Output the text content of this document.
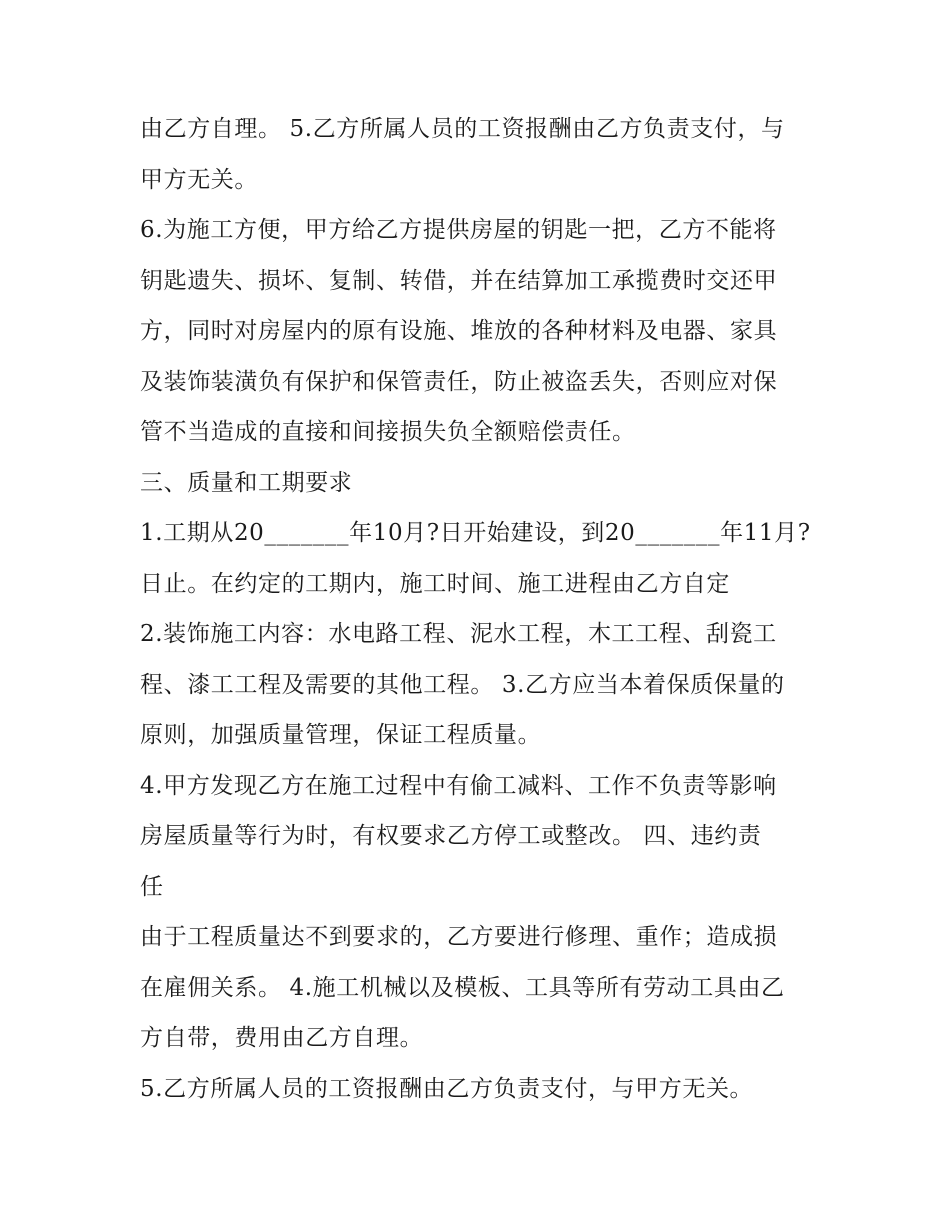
由乙方自理。 5.乙方所属人员的工资报酬由乙方负责支付，与
甲方无关。
6.为施工方便，甲方给乙方提供房屋的钥匙一把，乙方不能将
钥匙遗失、损坏、复制、转借，并在结算加工承揽费时交还甲
方，同时对房屋内的原有设施、堆放的各种材料及电器、家具
及装饰装潢负有保护和保管责任，防止被盗丢失，否则应对保
管不当造成的直接和间接损失负全额赔偿责任。
三、质量和工期要求
1.工期从20_______年10月?日开始建设，到20_______年11月?
日止。在约定的工期内，施工时间、施工进程由乙方自定
2.装饰施工内容：水电路工程、泥水工程，木工工程、刮瓷工
程、漆工工程及需要的其他工程。 3.乙方应当本着保质保量的
原则，加强质量管理，保证工程质量。
4.甲方发现乙方在施工过程中有偷工减料、工作不负责等影响
房屋质量等行为时，有权要求乙方停工或整改。 四、违约责
任
由于工程质量达不到要求的，乙方要进行修理、重作；造成损
在雇佣关系。 4.施工机械以及模板、工具等所有劳动工具由乙
方自带，费用由乙方自理。
5.乙方所属人员的工资报酬由乙方负责支付，与甲方无关。
